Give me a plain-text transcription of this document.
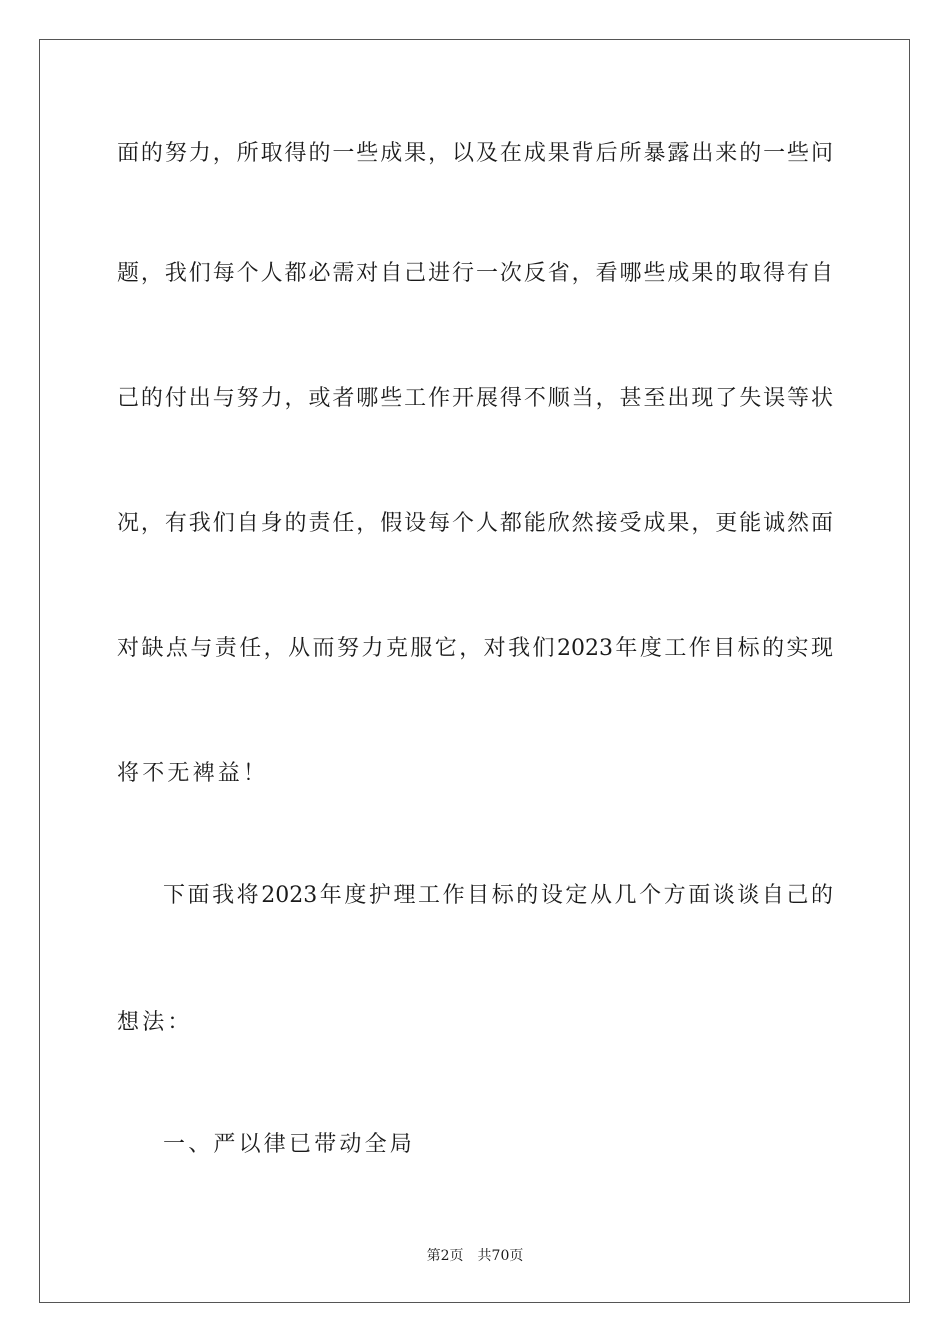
面的努力，所取得的一些成果，以及在成果背后所暴露出来的一些问
题，我们每个人都必需对自己进行一次反省，看哪些成果的取得有自
己的付出与努力，或者哪些工作开展得不顺当，甚至出现了失误等状
况，有我们自身的责任，假设每个人都能欣然接受成果，更能诚然面
对缺点与责任，从而努力克服它，对我们2023年度工作目标的实现
将不无裨益！
下面我将2023年度护理工作目标的设定从几个方面谈谈自己的
想法：
一、严以律已带动全局
第2页 共70页
